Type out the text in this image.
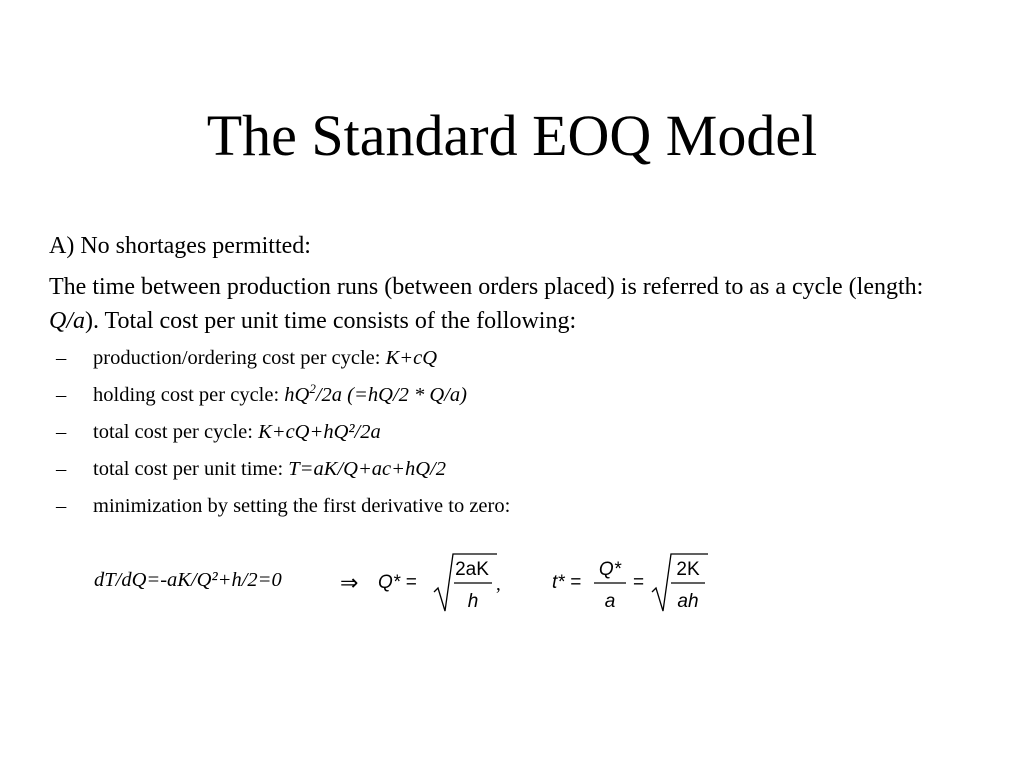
The Standard EOQ Model

A) No shortages permitted:

The time between production runs (between orders placed) is referred to as a cycle (length: Q/a). Total cost per unit time consists of the following:

– production/ordering cost per cycle: K+cQ
– holding cost per cycle: $hQ^2/2a$ (=hQ/2 * Q/a)
– total cost per cycle: K+cQ+hQ²/2a
– total cost per unit time: T=aK/Q+ac+hQ/2
– minimization by setting the first derivative to zero:
dT/dQ=-aK/Q²+h/2=0	⇒ Q* =
2aK
h
,	t* =
Q*
a
=
2K
ah
